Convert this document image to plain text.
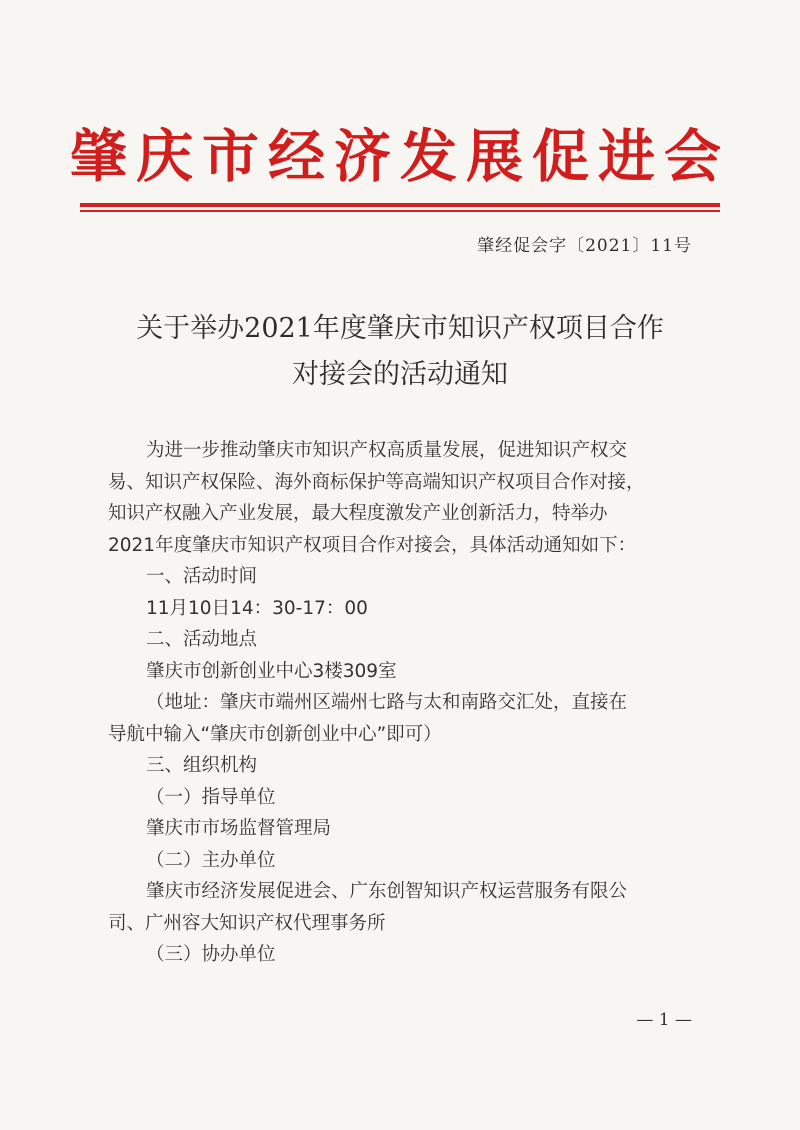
肇庆市经济发展促进会
肇经促会字〔2021〕11号
关于举办2021年度肇庆市知识产权项目合作
对接会的活动通知
为进一步推动肇庆市知识产权高质量发展，促进知识产权交
易、知识产权保险、海外商标保护等高端知识产权项目合作对接，
知识产权融入产业发展，最大程度激发产业创新活力，特举办
2021年度肇庆市知识产权项目合作对接会，具体活动通知如下：
一、活动时间
11月10日14：30-17：00
二、活动地点
肇庆市创新创业中心3楼309室
（地址：肇庆市端州区端州七路与太和南路交汇处，直接在
导航中输入“肇庆市创新创业中心”即可）
三、组织机构
（一）指导单位
肇庆市市场监督管理局
（二）主办单位
肇庆市经济发展促进会、广东创智知识产权运营服务有限公
司、广州容大知识产权代理事务所
（三）协办单位
— 1 —
